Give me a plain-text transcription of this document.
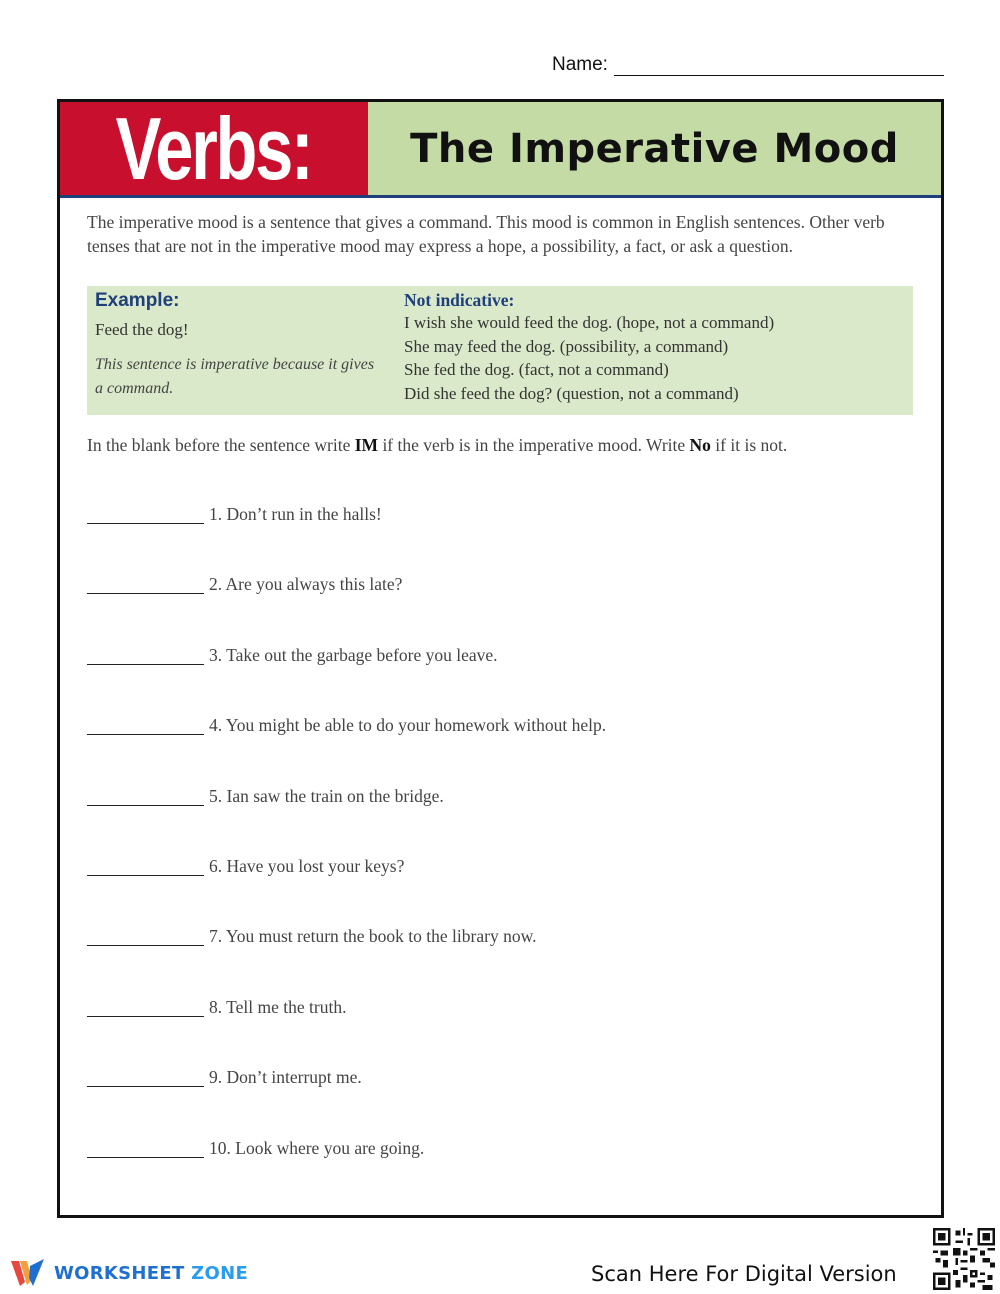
Name:
Verbs: The Imperative Mood

The imperative mood is a sentence that gives a command. This mood is common in English sentences. Other verb tenses that are not in the imperative mood may express a hope, a possibility, a fact, or ask a question.

Example:
Feed the dog!
This sentence is imperative because it gives a command.
Not indicative:
I wish she would feed the dog. (hope, not a command)
She may feed the dog. (possibility, a command)
She fed the dog. (fact, not a command)
Did she feed the dog? (question, not a command)

In the blank before the sentence write IM if the verb is in the imperative mood. Write No if it is not.

1. Don’t run in the halls!
2. Are you always this late?
3. Take out the garbage before you leave.
4. You might be able to do your homework without help.
5. Ian saw the train on the bridge.
6. Have you lost your keys?
7. You must return the book to the library now.
8. Tell me the truth.
9. Don’t interrupt me.
10. Look where you are going.
WORKSHEET ZONE	Scan Here For Digital Version
